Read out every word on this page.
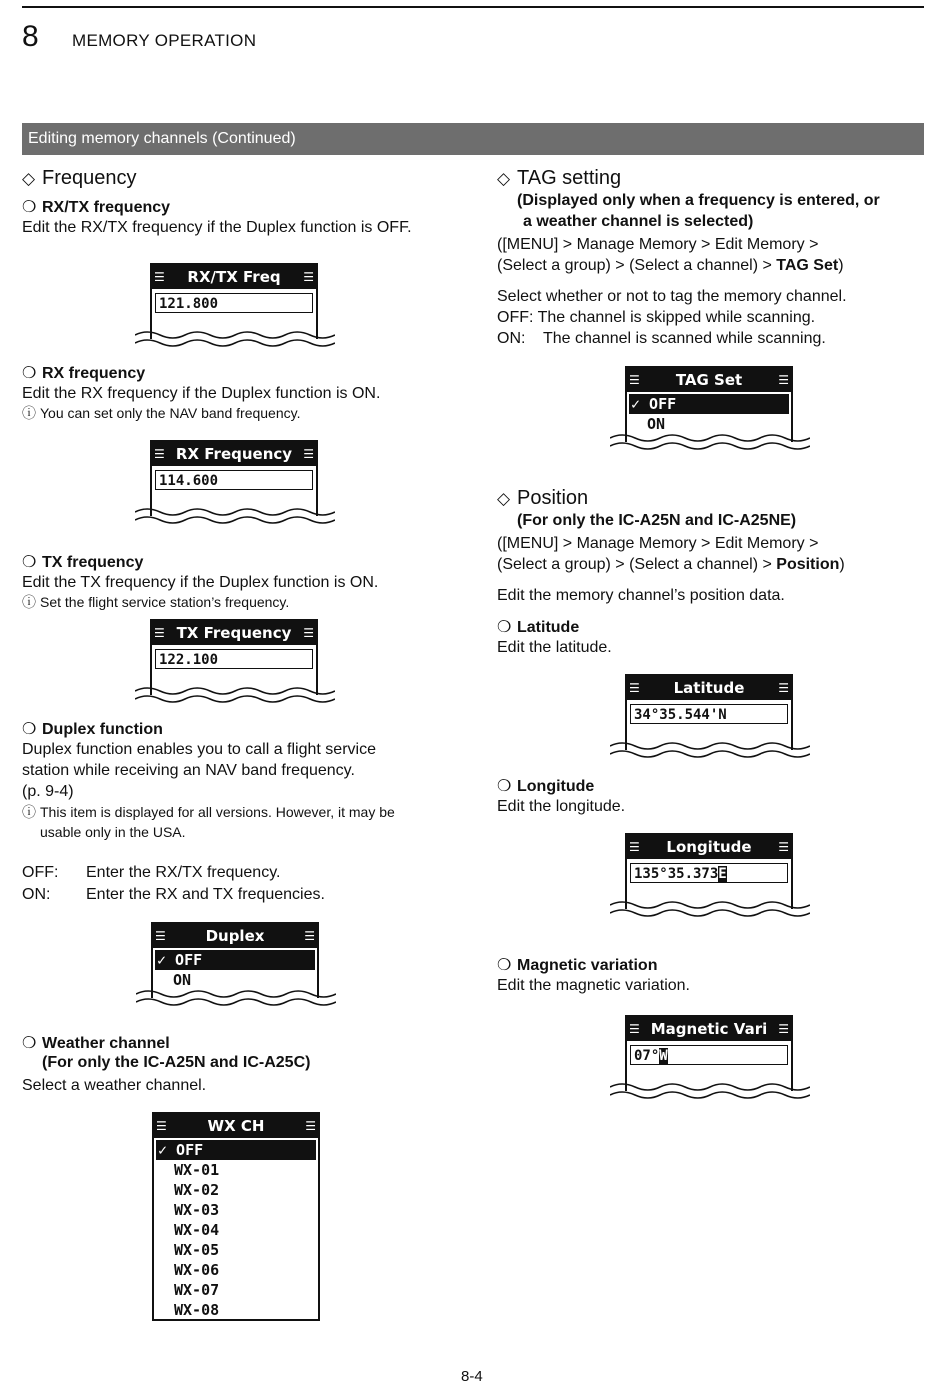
8 MEMORY OPERATION
Editing memory channels (Continued)
◇ Frequency
❍ RX/TX frequency
Edit the RX/TX frequency if the Duplex function is OFF.
☰ RX/TX Freq ☰
121.800
❍ RX frequency
Edit the RX frequency if the Duplex function is ON.
ⓘ You can set only the NAV band frequency.
☰ RX Frequency ☰
114.600
❍ TX frequency
Edit the TX frequency if the Duplex function is ON.
ⓘ Set the flight service station’s frequency.
☰ TX Frequency ☰
122.100
❍ Duplex function
Duplex function enables you to call a flight service
station while receiving an NAV band frequency.
(p. 9-4)
ⓘ This item is displayed for all versions. However, it may be
usable only in the USA.
OFF: Enter the RX/TX frequency.
ON: Enter the RX and TX frequencies.
☰	Duplex	☰
✓ OFF
ON
❍ Weather channel
(For only the IC-A25N and IC-A25C)
Select a weather channel.
☰	WX CH	☰
✓ OFF
WX-01
WX-02
WX-03
WX-04
WX-05
WX-06
WX-07
WX-08
◇ TAG setting
(Displayed only when a frequency is entered, or
a weather channel is selected)
([MENU] > Manage Memory > Edit Memory >
(Select a group) > (Select a channel) > TAG Set)
Select whether or not to tag the memory channel.
OFF: The channel is skipped while scanning.
ON: The channel is scanned while scanning.
☰ TAG Set	☰
✓ OFF
ON
◇ Position
(For only the IC-A25N and IC-A25NE)
([MENU] > Manage Memory > Edit Memory >
(Select a group) > (Select a channel) > Position)
Edit the memory channel’s position data.
❍ Latitude
Edit the latitude.
☰ Latitude	☰
34°35.544'N
❍ Longitude
Edit the longitude.
☰ Longitude ☰
135°35.373E
❍ Magnetic variation
Edit the magnetic variation.
☰ Magnetic Vari ☰
07°W
8-4
